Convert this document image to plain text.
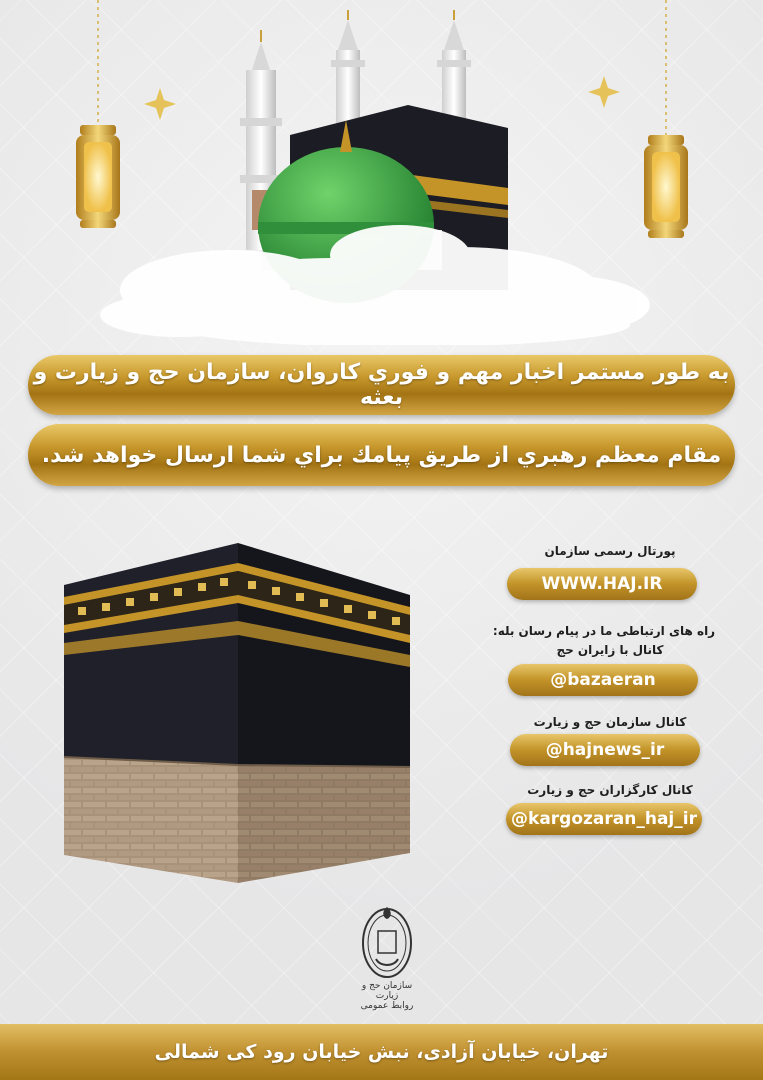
به طور مستمر اخبار مهم و فوري كاروان، سازمان حج و زيارت و بعثه
مقام معظم رهبري از طريق پيامك براي شما ارسال خواهد شد.
پورتال رسمی سازمان
WWW.HAJ.IR
راه های ارتباطی ما در پیام رسان بله:
کانال با زایران حج
@bazaeran
کانال سازمان حج و زیارت
@hajnews_ir
کانال کارگزاران حج و زیارت
@kargozaran_haj_ir
سازمان حج و زیارت
روابط عمومی
تهران، خیابان آزادی، نبش خیابان رود کی شمالی
